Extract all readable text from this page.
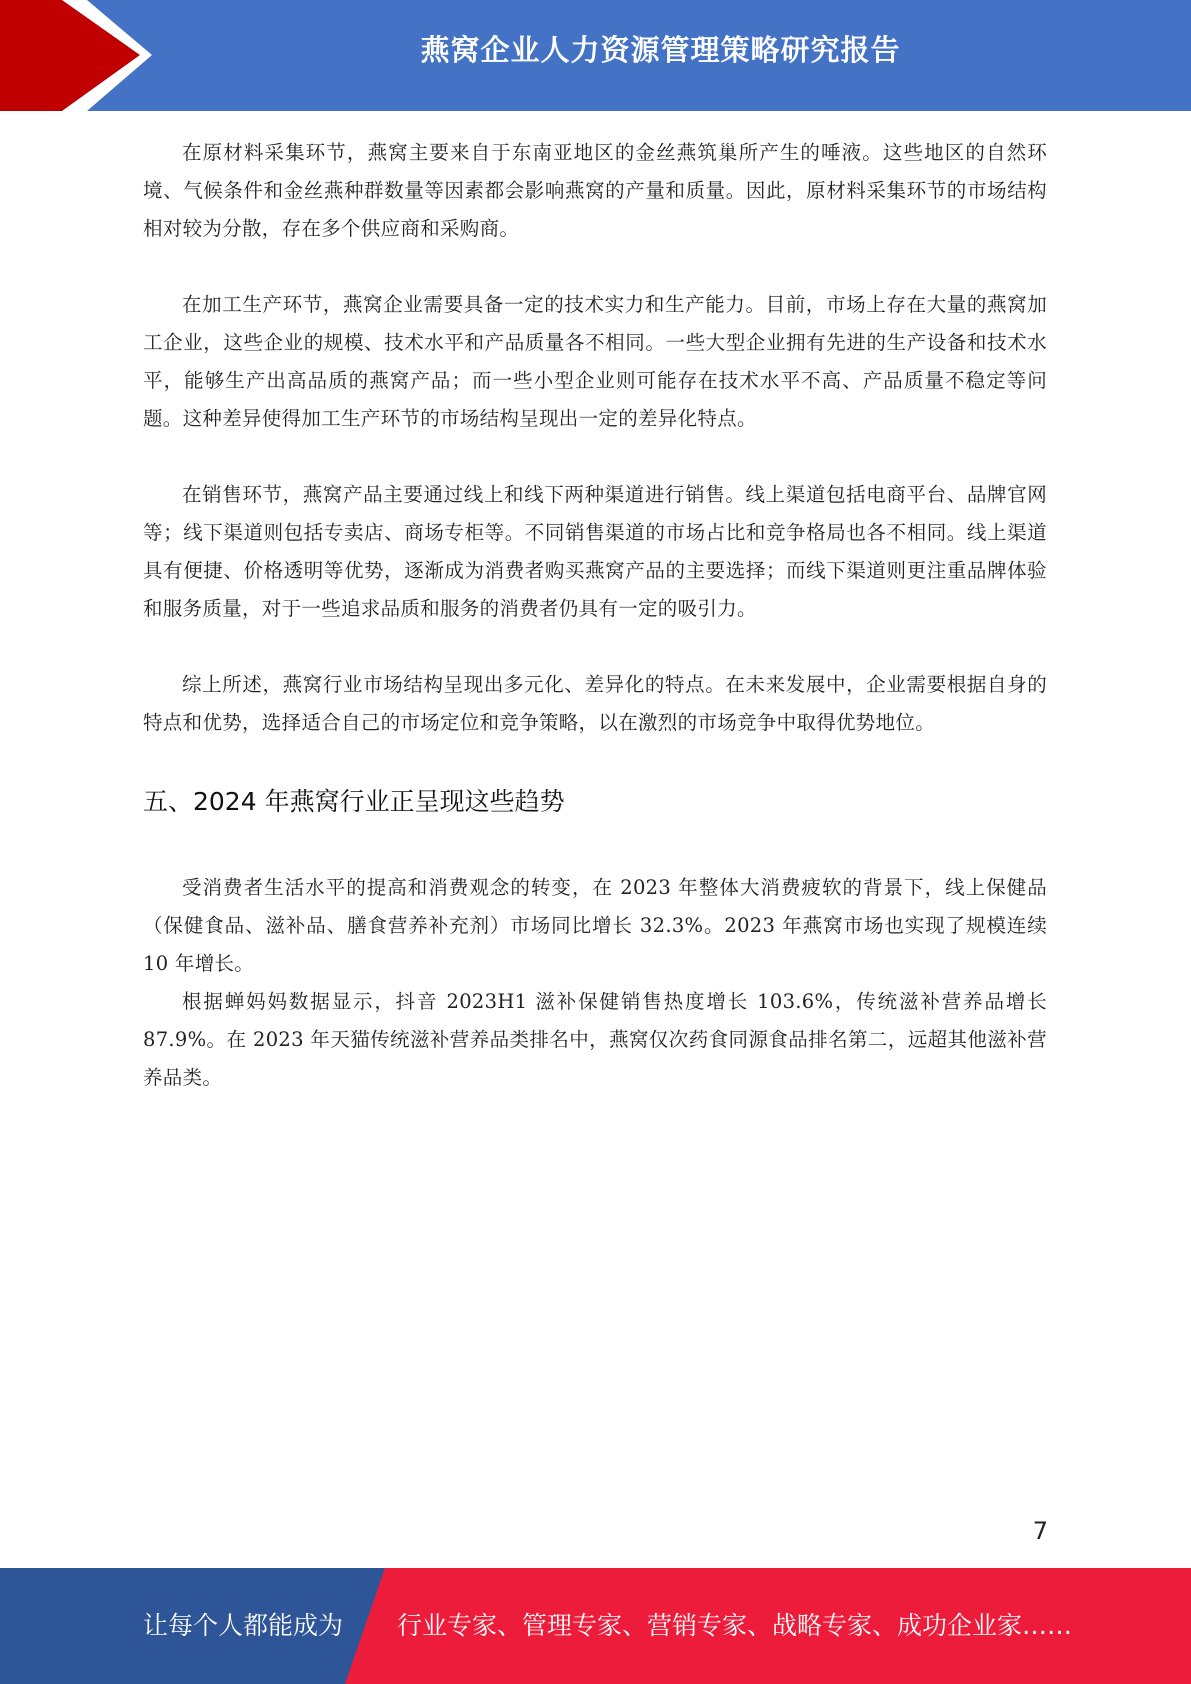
燕窝企业人力资源管理策略研究报告

在原材料采集环节，燕窝主要来自于东南亚地区的金丝燕筑巢所产生的唾液。这些地区的自然环境、气候条件和金丝燕种群数量等因素都会影响燕窝的产量和质量。因此，原材料采集环节的市场结构相对较为分散，存在多个供应商和采购商。

在加工生产环节，燕窝企业需要具备一定的技术实力和生产能力。目前，市场上存在大量的燕窝加工企业，这些企业的规模、技术水平和产品质量各不相同。一些大型企业拥有先进的生产设备和技术水平，能够生产出高品质的燕窝产品；而一些小型企业则可能存在技术水平不高、产品质量不稳定等问题。这种差异使得加工生产环节的市场结构呈现出一定的差异化特点。

在销售环节，燕窝产品主要通过线上和线下两种渠道进行销售。线上渠道包括电商平台、品牌官网等；线下渠道则包括专卖店、商场专柜等。不同销售渠道的市场占比和竞争格局也各不相同。线上渠道具有便捷、价格透明等优势，逐渐成为消费者购买燕窝产品的主要选择；而线下渠道则更注重品牌体验和服务质量，对于一些追求品质和服务的消费者仍具有一定的吸引力。

综上所述，燕窝行业市场结构呈现出多元化、差异化的特点。在未来发展中，企业需要根据自身的特点和优势，选择适合自己的市场定位和竞争策略，以在激烈的市场竞争中取得优势地位。

五、2024 年燕窝行业正呈现这些趋势

受消费者生活水平的提高和消费观念的转变，在 2023 年整体大消费疲软的背景下，线上保健品（保健食品、滋补品、膳食营养补充剂）市场同比增长 32.3%。2023 年燕窝市场也实现了规模连续 10 年增长。

根据蝉妈妈数据显示，抖音 2023H1 滋补保健销售热度增长 103.6%，传统滋补营养品增长 87.9%。在 2023 年天猫传统滋补营养品类排名中，燕窝仅次药食同源食品排名第二，远超其他滋补营养品类。

7
让每个人都能成为 行业专家、管理专家、营销专家、战略专家、成功企业家……
